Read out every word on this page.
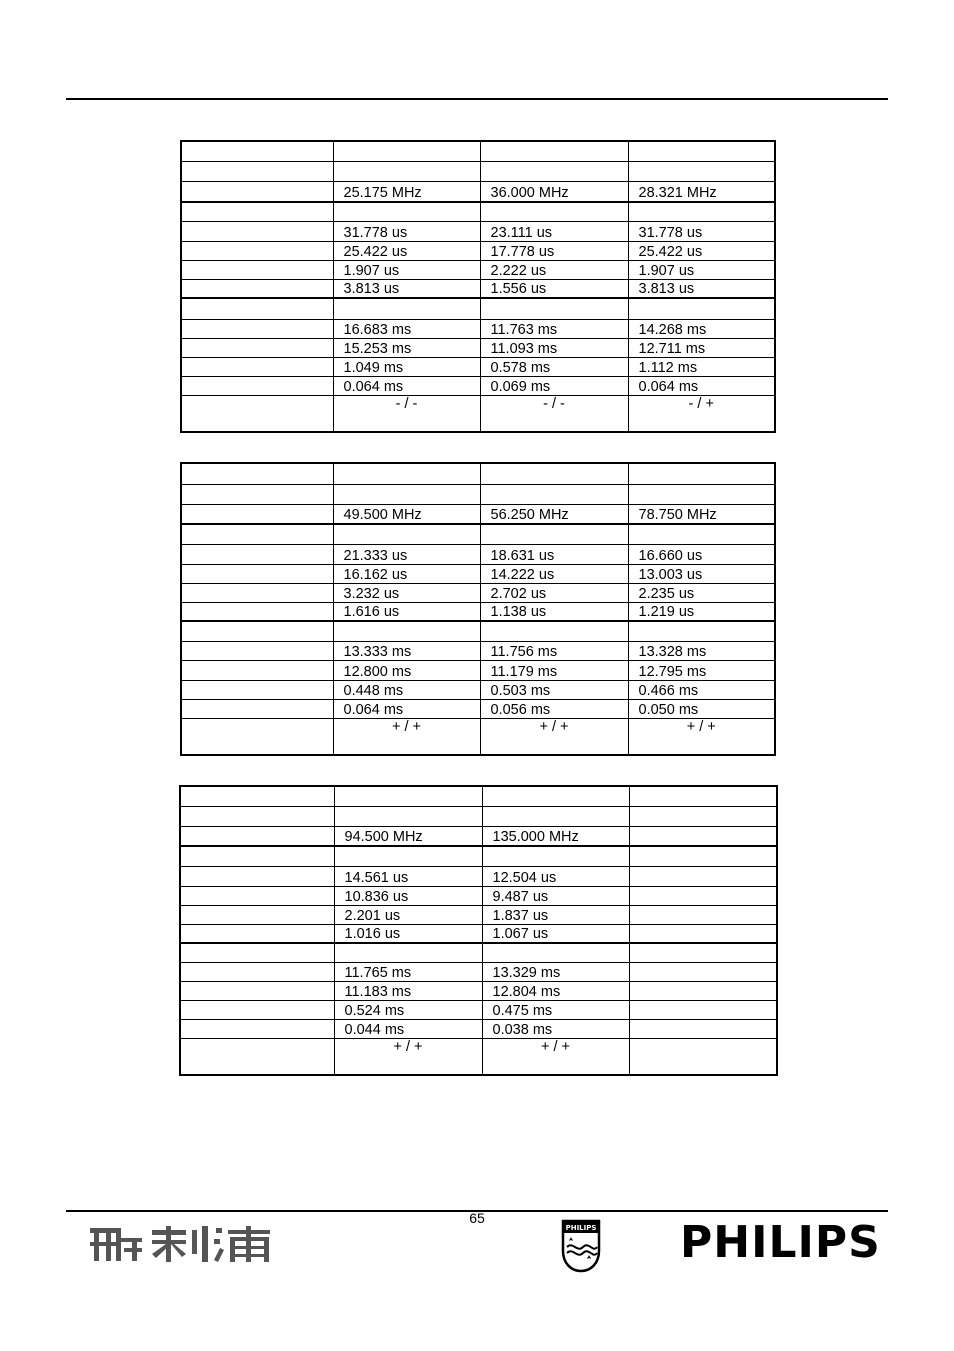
	25.175 MHz	36.000 MHz	28.321 MHz

	31.778 us	23.111 us	31.778 us
	25.422 us	17.778 us	25.422 us
	1.907 us	2.222 us	1.907 us
	3.813 us	1.556 us	3.813 us

	16.683 ms	11.763 ms	14.268 ms
	15.253 ms	11.093 ms	12.711 ms
	1.049 ms	0.578 ms	1.112 ms
	0.064 ms	0.069 ms	0.064 ms
	- / -	- / -	- / +

	49.500 MHz	56.250 MHz	78.750 MHz

	21.333 us	18.631 us	16.660 us
	16.162 us	14.222 us	13.003 us
	3.232 us	2.702 us	2.235 us
	1.616 us	1.138 us	1.219 us

	13.333 ms	11.756 ms	13.328 ms
	12.800 ms	11.179 ms	12.795 ms
	0.448 ms	0.503 ms	0.466 ms
	0.064 ms	0.056 ms	0.050 ms
	+ / +	+ / +	+ / +

	94.500 MHz	135.000 MHz	

	14.561 us	12.504 us	
	10.836 us	9.487 us	
	2.201 us	1.837 us	
	1.016 us	1.067 us	

	11.765 ms	13.329 ms	
	11.183 ms	12.804 ms	
	0.524 ms	0.475 ms	
	0.044 ms	0.038 ms	
	+ / +	+ / +	
65
PHILIPS PHILIPS
